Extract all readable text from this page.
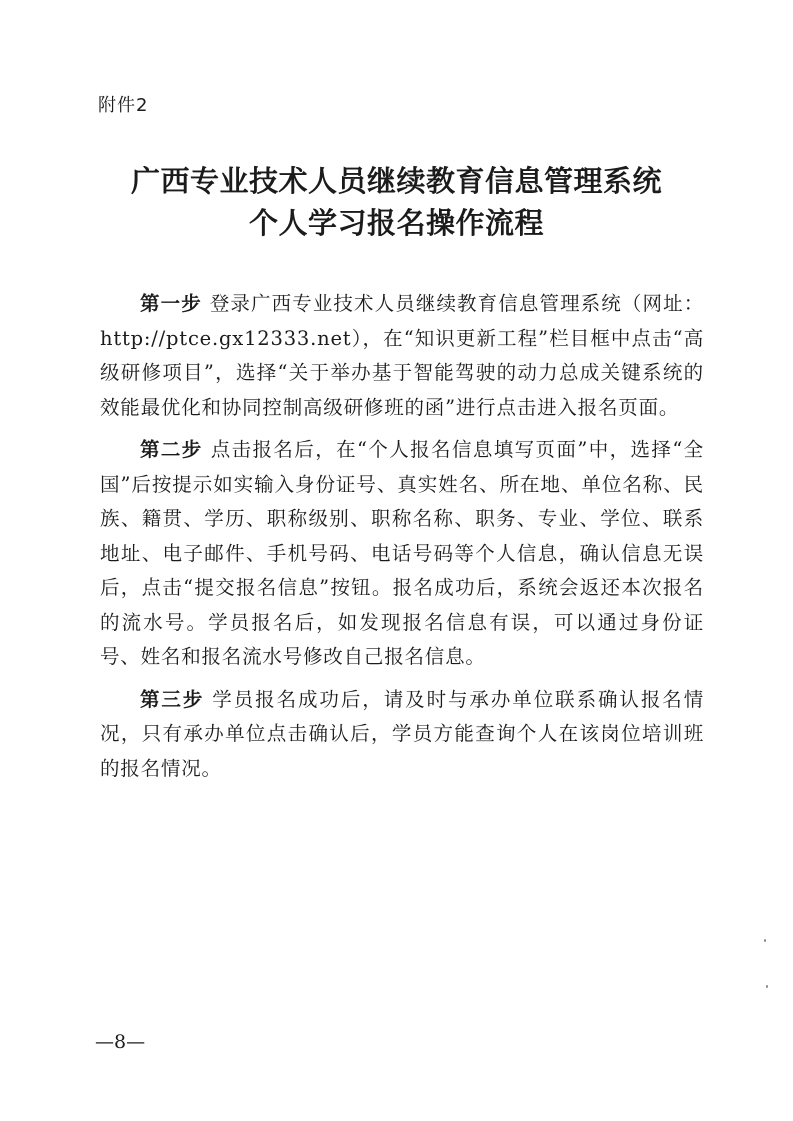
附件2
广西专业技术人员继续教育信息管理系统
个人学习报名操作流程

第一步 登录广西专业技术人员继续教育信息管理系统（网址：http://ptce.gx12333.net），在“知识更新工程”栏目框中点击“高级研修项目”，选择“关于举办基于智能驾驶的动力总成关键系统的效能最优化和协同控制高级研修班的函”进行点击进入报名页面。

第二步 点击报名后，在“个人报名信息填写页面”中，选择“全国”后按提示如实输入身份证号、真实姓名、所在地、单位名称、民族、籍贯、学历、职称级别、职称名称、职务、专业、学位、联系地址、电子邮件、手机号码、电话号码等个人信息，确认信息无误后，点击“提交报名信息”按钮。报名成功后，系统会返还本次报名的流水号。学员报名后，如发现报名信息有误，可以通过身份证号、姓名和报名流水号修改自己报名信息。

第三步 学员报名成功后，请及时与承办单位联系确认报名情况，只有承办单位点击确认后，学员方能查询个人在该岗位培训班的报名情况。

—8—
